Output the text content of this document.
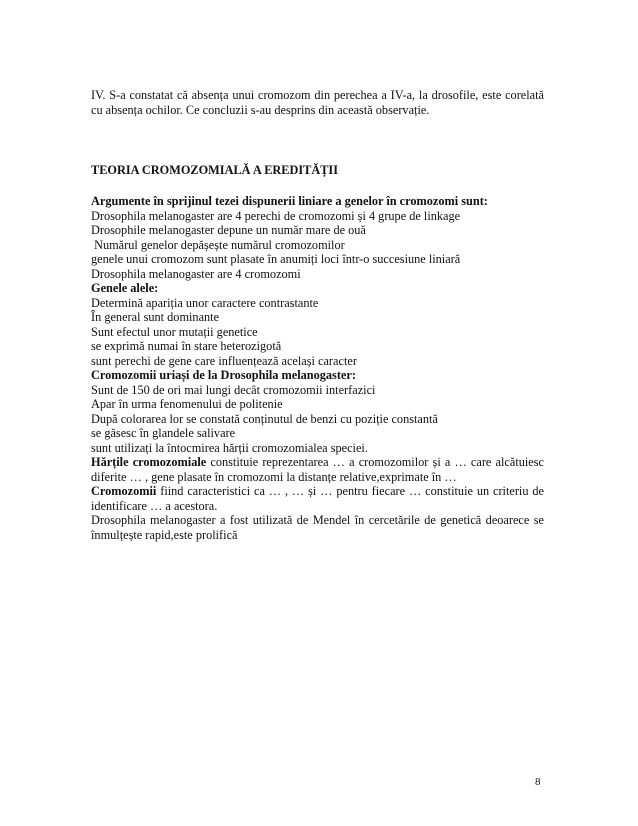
IV. S-a constatat că absența unui cromozom din perechea a IV-a, la drosofile, este corelată cu absența ochilor. Ce concluzii s-au desprins din această observație.
TEORIA CROMOZOMIALĂ A EREDITĂȚII
Argumente în sprijinul tezei dispunerii liniare a genelor în cromozomi sunt:
Drosophila melanogaster are 4 perechi de cromozomi și 4 grupe de linkage
Drosophile melanogaster depune un număr mare de ouă
Numărul genelor depășește numărul cromozomilor
genele unui cromozom sunt plasate în anumiți loci într-o succesiune liniară
Drosophila melanogaster are 4 cromozomi
Genele alele:
Determină apariția unor caractere contrastante
În general sunt dominante
Sunt efectul unor mutații genetice
se exprimă numai în stare heterozigotă
sunt perechi de gene care influențează același caracter
Cromozomii uriași de la Drosophila melanogaster:
Sunt de 150 de ori mai lungi decât cromozomii interfazici
Apar în urma fenomenului de politenie
După colorarea lor se constată conținutul de benzi cu poziție constantă
se găsesc în glandele salivare
sunt utilizați la întocmirea hărții cromozomialea speciei.
Hărțile cromozomiale constituie reprezentarea … a cromozomilor și a … care alcătuiesc diferite … , gene plasate în cromozomi la distanțe relative,exprimate în …
Cromozomii fiind caracteristici ca … , … și … pentru fiecare … constituie un criteriu de identificare … a acestora.
Drosophila melanogaster a fost utilizată de Mendel în cercetările de genetică deoarece se înmulțește rapid,este prolifică
8
